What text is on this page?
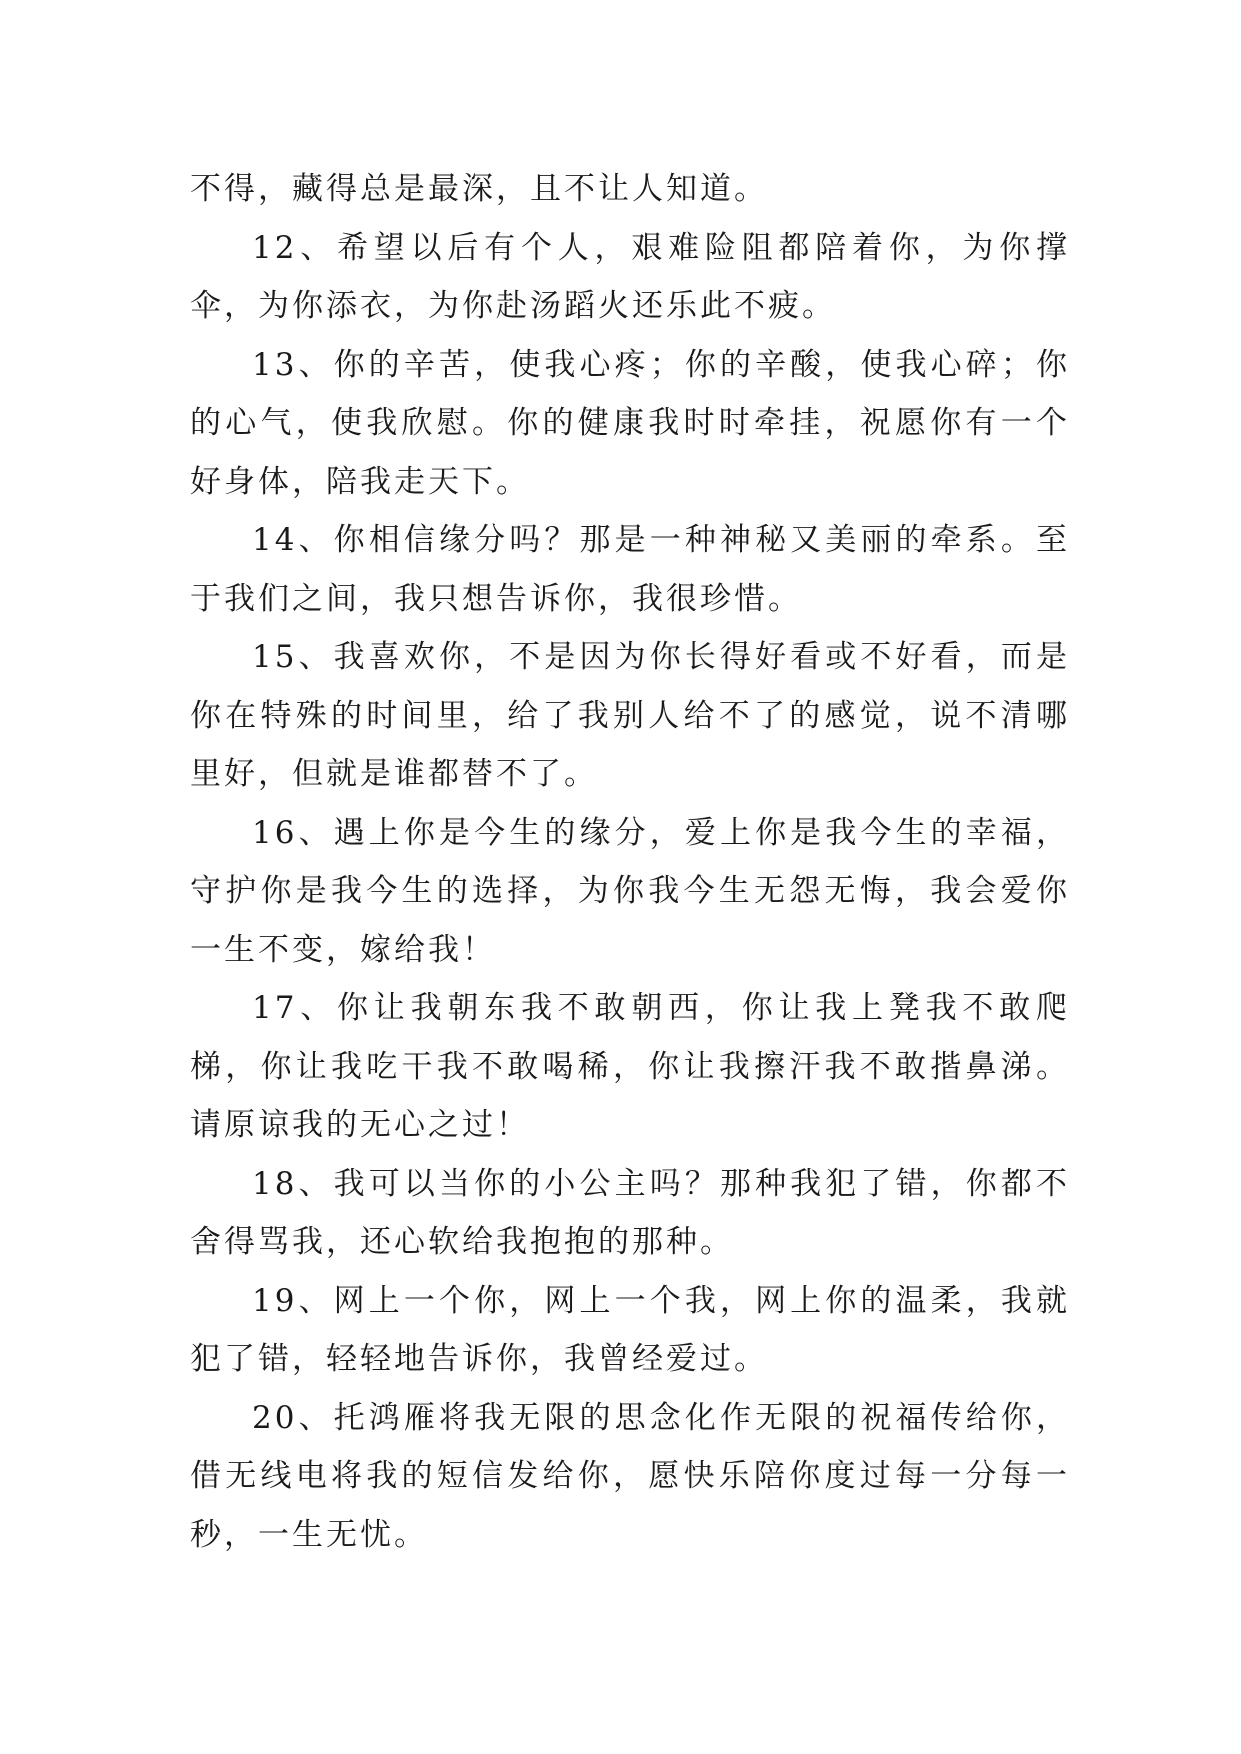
不得，藏得总是最深，且不让人知道。

12、希望以后有个人，艰难险阻都陪着你，为你撑伞，为你添衣，为你赴汤蹈火还乐此不疲。

13、你的辛苦，使我心疼；你的辛酸，使我心碎；你的心气，使我欣慰。你的健康我时时牵挂，祝愿你有一个好身体，陪我走天下。

14、你相信缘分吗？那是一种神秘又美丽的牵系。至于我们之间，我只想告诉你，我很珍惜。

15、我喜欢你，不是因为你长得好看或不好看，而是你在特殊的时间里，给了我别人给不了的感觉，说不清哪里好，但就是谁都替不了。

16、遇上你是今生的缘分，爱上你是我今生的幸福，守护你是我今生的选择，为你我今生无怨无悔，我会爱你一生不变，嫁给我！

17、你让我朝东我不敢朝西，你让我上凳我不敢爬梯，你让我吃干我不敢喝稀，你让我擦汗我不敢揩鼻涕。请原谅我的无心之过！

18、我可以当你的小公主吗？那种我犯了错，你都不舍得骂我，还心软给我抱抱的那种。

19、网上一个你，网上一个我，网上你的温柔，我就犯了错，轻轻地告诉你，我曾经爱过。

20、托鸿雁将我无限的思念化作无限的祝福传给你，借无线电将我的短信发给你，愿快乐陪你度过每一分每一秒，一生无忧。
